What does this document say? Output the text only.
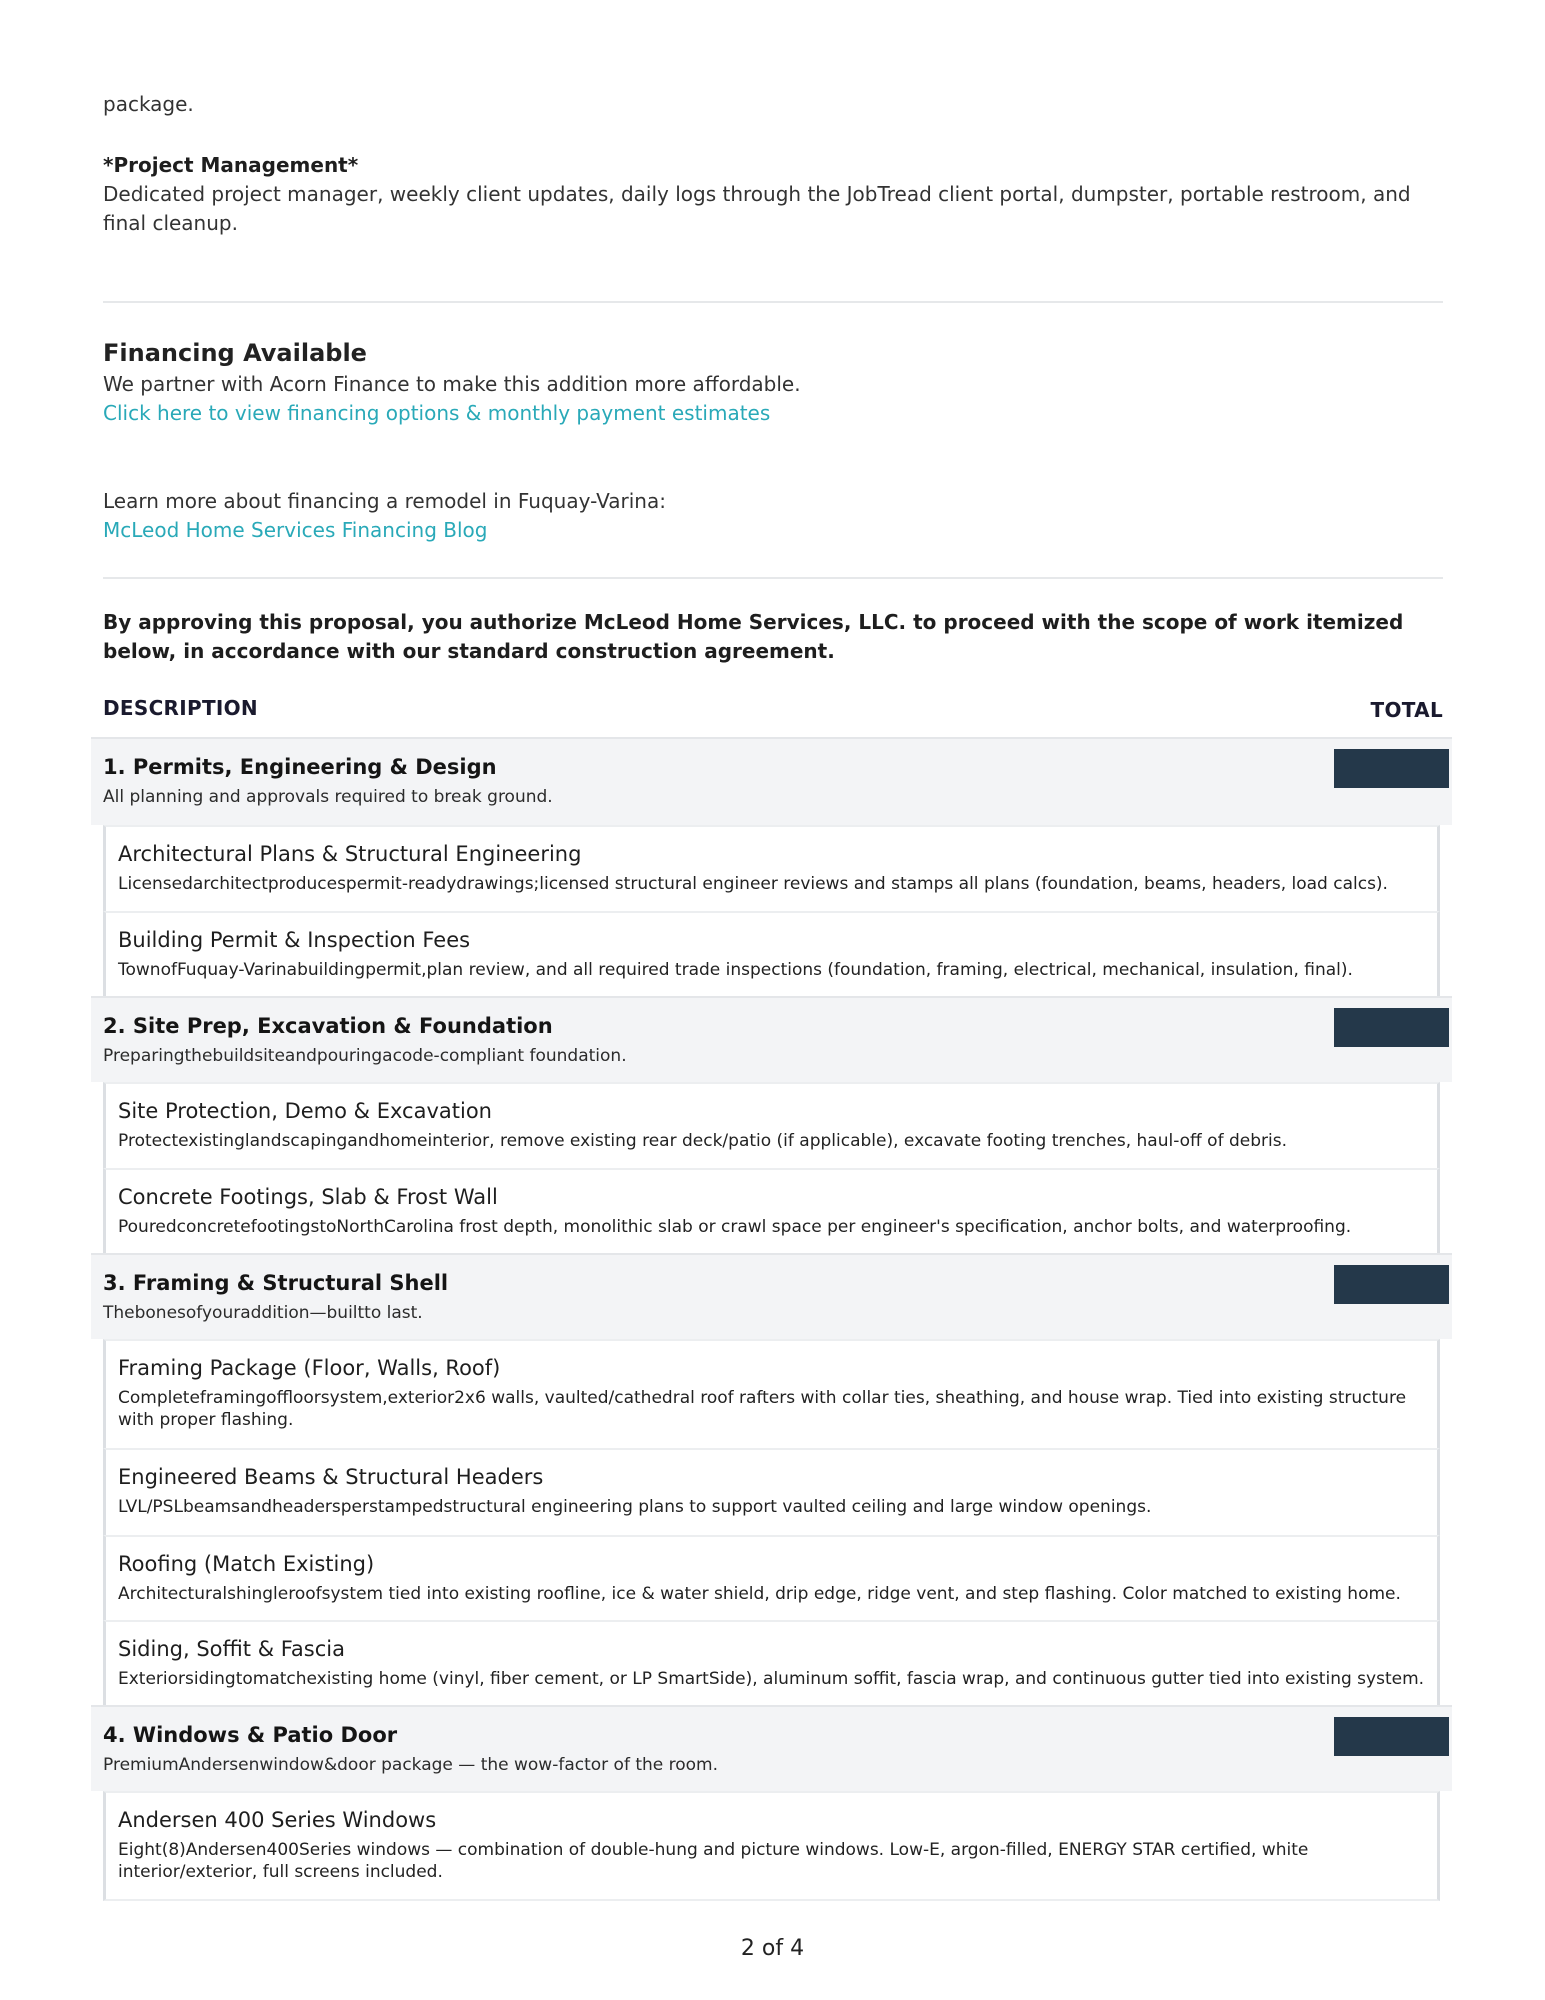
package.
*Project Management*
Dedicated project manager, weekly client updates, daily logs through the JobTread client portal, dumpster, portable restroom, and final cleanup.
Financing Available
We partner with Acorn Finance to make this addition more affordable.
Click here to view financing options & monthly payment estimates
Learn more about financing a remodel in Fuquay-Varina:
McLeod Home Services Financing Blog
By approving this proposal, you authorize McLeod Home Services, LLC. to proceed with the scope of work itemized below, in accordance with our standard construction agreement.
DESCRIPTION	TOTAL
1. Permits, Engineering & Design
All planning and approvals required to break ground.
Architectural Plans & Structural Engineering
Licensedarchitectproducespermit-readydrawings;licensed structural engineer reviews and stamps all plans (foundation, beams, headers, load calcs).
Building Permit & Inspection Fees
TownofFuquay-Varinabuildingpermit,plan review, and all required trade inspections (foundation, framing, electrical, mechanical, insulation, final).
2. Site Prep, Excavation & Foundation
Preparingthebuildsiteandpouringacode-compliant foundation.
Site Protection, Demo & Excavation
Protectexistinglandscapingandhomeinterior, remove existing rear deck/patio (if applicable), excavate footing trenches, haul-off of debris.
Concrete Footings, Slab & Frost Wall
PouredconcretefootingstoNorthCarolina frost depth, monolithic slab or crawl space per engineer's specification, anchor bolts, and waterproofing.
3. Framing & Structural Shell
Thebonesofyouraddition—builtto last.
Framing Package (Floor, Walls, Roof)
Completeframingoffloorsystem,exterior2x6 walls, vaulted/cathedral roof rafters with collar ties, sheathing, and house wrap. Tied into existing structure with proper flashing.
Engineered Beams & Structural Headers
LVL/PSLbeamsandheadersperstampedstructural engineering plans to support vaulted ceiling and large window openings.
Roofing (Match Existing)
Architecturalshingleroofsystem tied into existing roofline, ice & water shield, drip edge, ridge vent, and step flashing. Color matched to existing home.
Siding, Soffit & Fascia
Exteriorsidingtomatchexisting home (vinyl, fiber cement, or LP SmartSide), aluminum soffit, fascia wrap, and continuous gutter tied into existing system.
4. Windows & Patio Door
PremiumAndersenwindow&door package — the wow-factor of the room.
Andersen 400 Series Windows
Eight(8)Andersen400Series windows — combination of double-hung and picture windows. Low-E, argon-filled, ENERGY STAR certified, white interior/exterior, full screens included.
2 of 4
